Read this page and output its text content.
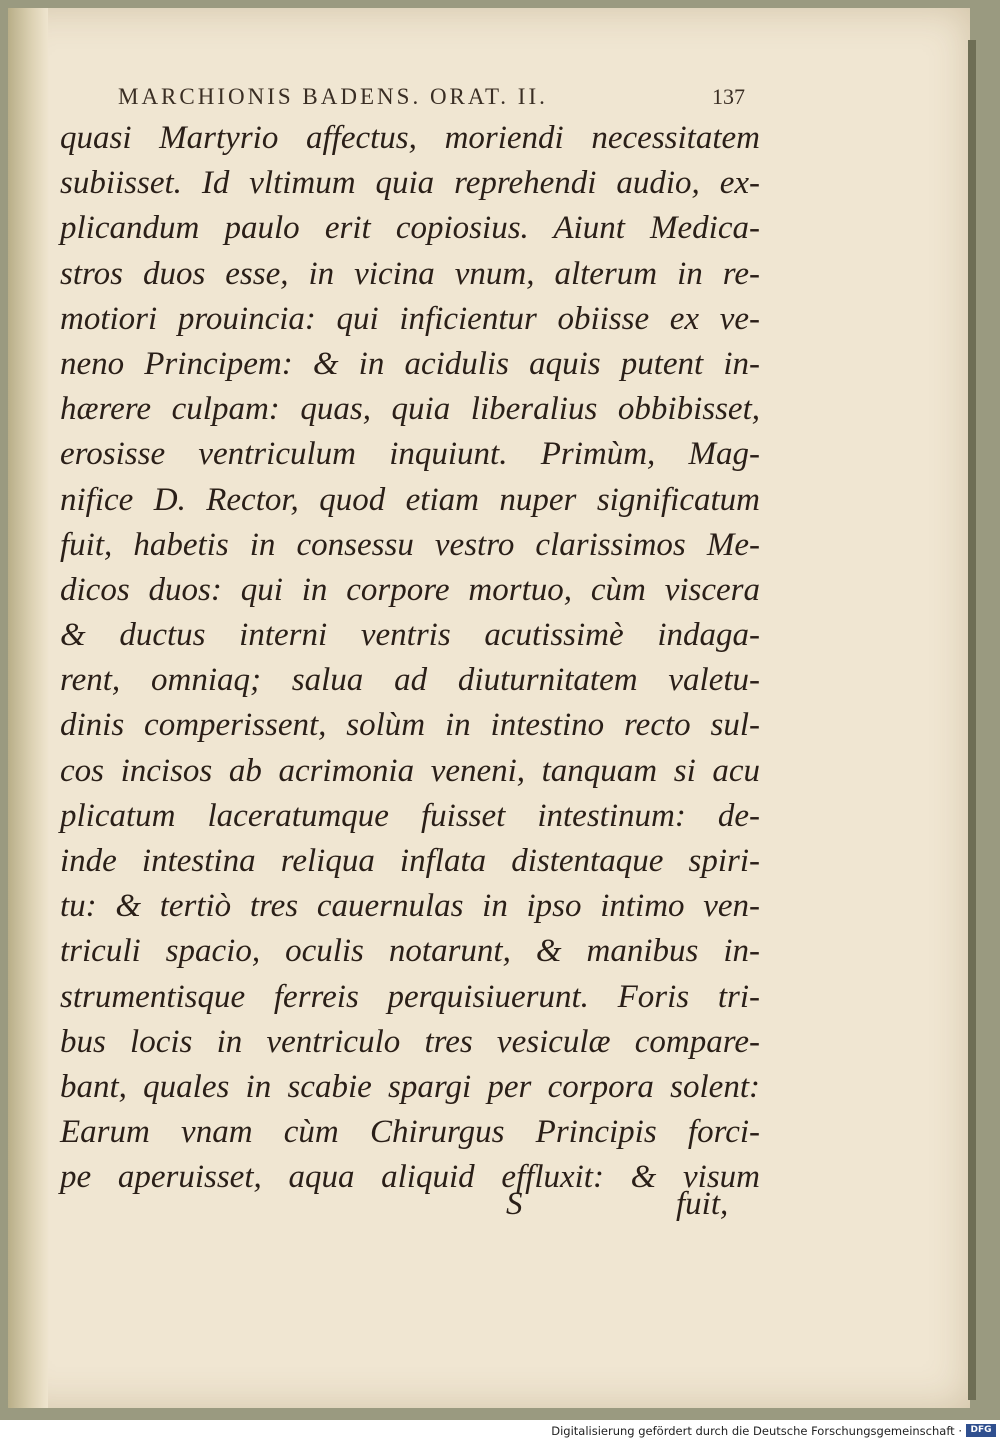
MARCHIONIS BADENS. ORAT. II.	137
quasi Martyrio affectus, moriendi necessitatem
subiisset. Id vltimum quia reprehendi audio, ex-
plicandum paulo erit copiosius. Aiunt Medica-
stros duos esse, in vicina vnum, alterum in re-
motiori prouincia: qui inficientur obiisse ex ve-
neno Principem: & in acidulis aquis putent in-
hærere culpam: quas, quia liberalius obbibisset,
erosisse ventriculum inquiunt. Primùm, Mag-
nifice D. Rector, quod etiam nuper significatum
fuit, habetis in consessu vestro clarissimos Me-
dicos duos: qui in corpore mortuo, cùm viscera
& ductus interni ventris acutissimè indaga-
rent, omniaq; salua ad diuturnitatem valetu-
dinis comperissent, solùm in intestino recto sul-
cos incisos ab acrimonia veneni, tanquam si acu
plicatum laceratumque fuisset intestinum: de-
inde intestina reliqua inflata distentaque spiri-
tu: & tertiò tres cauernulas in ipso intimo ven-
triculi spacio, oculis notarunt, & manibus in-
strumentisque ferreis perquisiuerunt. Foris tri-
bus locis in ventriculo tres vesiculæ compare-
bant, quales in scabie spargi per corpora solent:
Earum vnam cùm Chirurgus Principis forci-
pe aperuisset, aqua aliquid effluxit: & visum
S	fuit,
Digitalisierung gefördert durch die Deutsche Forschungsgemeinschaft · DFG
